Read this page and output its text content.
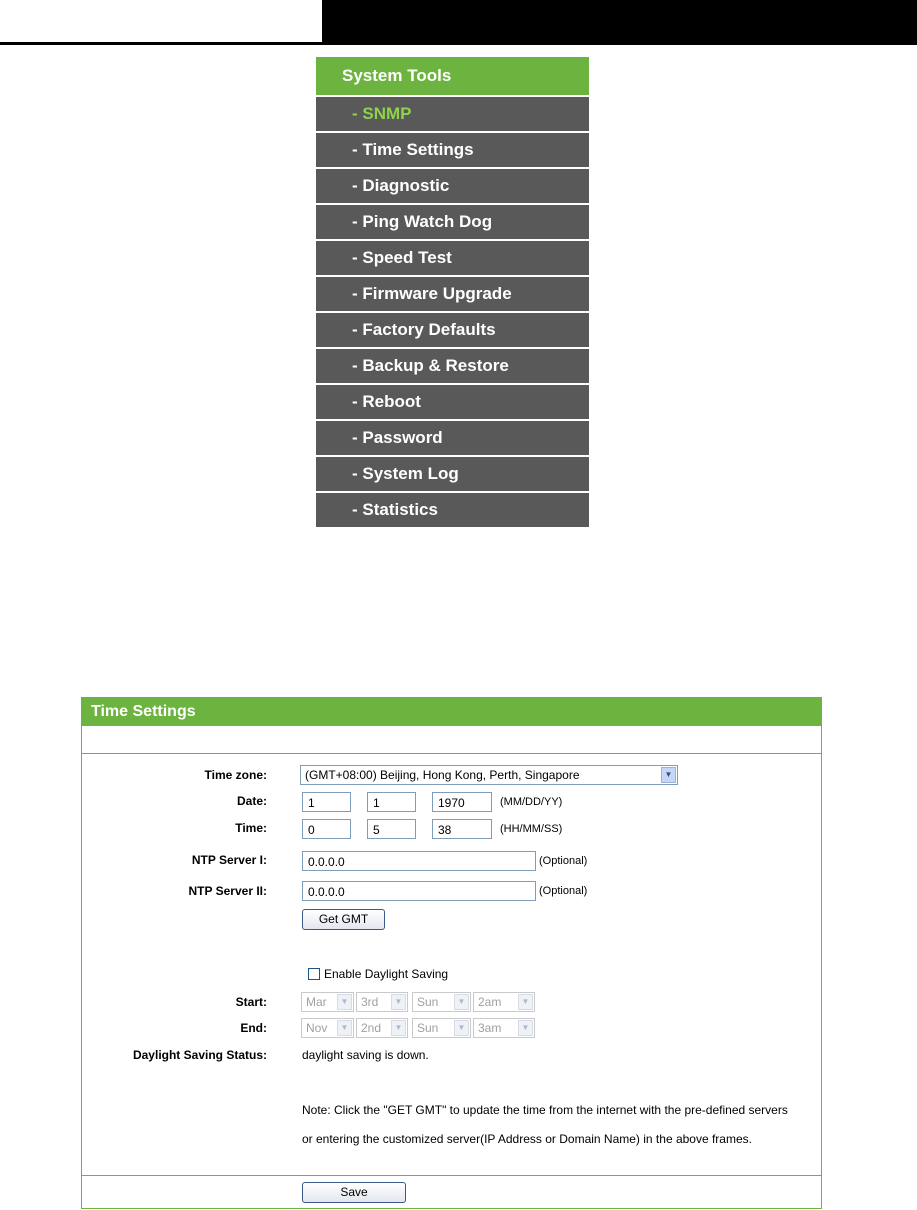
System Tools
- SNMP
- Time Settings
- Diagnostic
- Ping Watch Dog
- Speed Test
- Firmware Upgrade
- Factory Defaults
- Backup & Restore
- Reboot
- Password
- System Log
- Statistics
Time Settings
Time zone:	(GMT+08:00) Beijing, Hong Kong, Perth, Singapore	▼
Date:	1	1	1970	(MM/DD/YY)
Time:	0	5	38	(HH/MM/SS)
NTP Server I:	0.0.0.0	(Optional)
NTP Server II:	0.0.0.0	(Optional)
Get GMT
Enable Daylight Saving
Start:	Mar	▼	3rd	▼	Sun	▼	2am	▼
End:	Nov	▼	2nd	▼	Sun	▼	3am	▼
Daylight Saving Status:	daylight saving is down.
Note: Click the "GET GMT" to update the time from the internet with the pre-defined servers
or entering the customized server(IP Address or Domain Name) in the above frames.
Save
